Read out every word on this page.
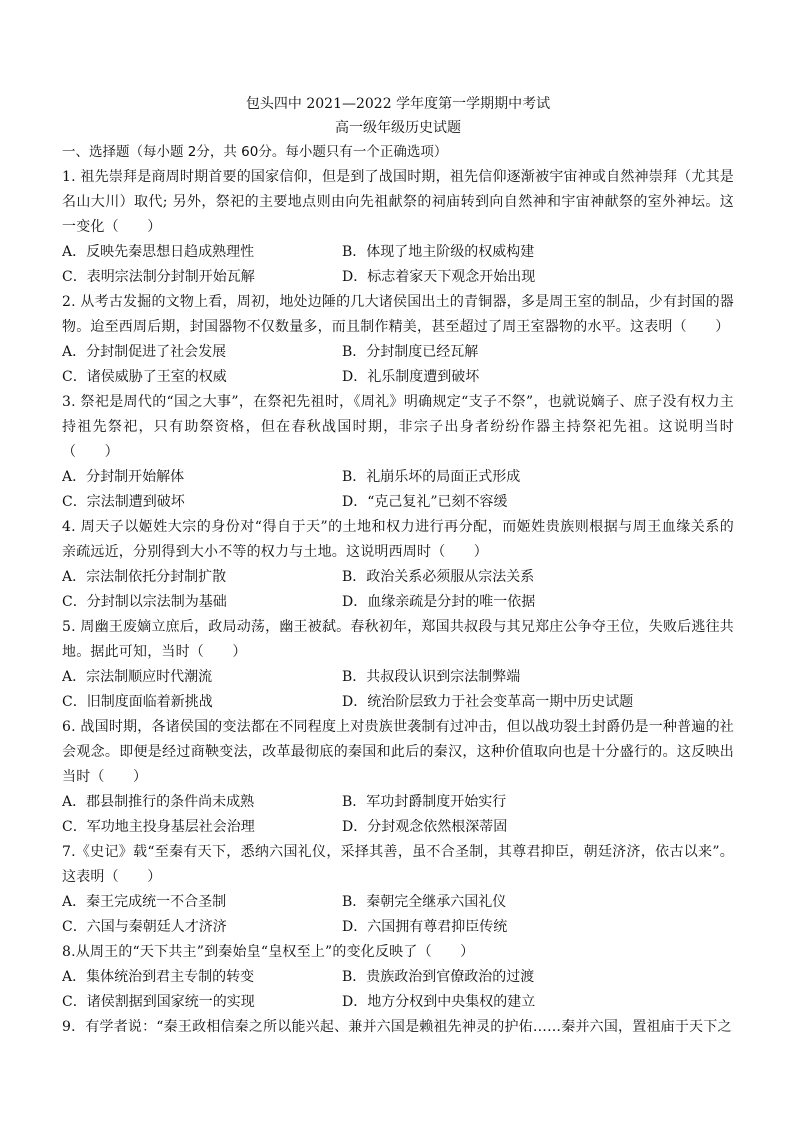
包头四中 2021—2022 学年度第一学期期中考试

高一级年级历史试题

一、选择题（每小题 2分，共 60分。每小题只有一个正确选项）

1. 祖先崇拜是商周时期首要的国家信仰，但是到了战国时期，祖先信仰逐渐被宇宙神或自然神崇拜（尤其是名山大川）取代; 另外，祭祀的主要地点则由向先祖献祭的祠庙转到向自然神和宇宙神献祭的室外神坛。这一变化（　　）

A．反映先秦思想日趋成熟理性	B．体现了地主阶级的权威构建
C．表明宗法制分封制开始瓦解	D．标志着家天下观念开始出现

2. 从考古发掘的文物上看，周初，地处边陲的几大诸侯国出土的青铜器，多是周王室的制品，少有封国的器物。迨至西周后期，封国器物不仅数量多，而且制作精美，甚至超过了周王室器物的水平。这表明（　　）

A．分封制促进了社会发展	B．分封制度已经瓦解
C．诸侯威胁了王室的权威	D．礼乐制度遭到破坏

3. 祭祀是周代的“国之大事”，在祭祀先祖时，《周礼》明确规定“支子不祭”，也就说嫡子、庶子没有权力主持祖先祭祀，只有助祭资格，但在春秋战国时期，非宗子出身者纷纷作器主持祭祀先祖。这说明当时（　　）

A．分封制开始解体	B．礼崩乐坏的局面正式形成
C．宗法制遭到破坏	D．“克己复礼”已刻不容缓

4. 周天子以姬姓大宗的身份对“得自于天”的土地和权力进行再分配，而姬姓贵族则根据与周王血缘关系的亲疏远近，分别得到大小不等的权力与土地。这说明西周时（　　）

A．宗法制依托分封制扩散	B．政治关系必须服从宗法关系
C．分封制以宗法制为基础	D．血缘亲疏是分封的唯一依据

5. 周幽王废嫡立庶后，政局动荡，幽王被弑。春秋初年，郑国共叔段与其兄郑庄公争夺王位，失败后逃往共地。据此可知，当时（　　）

A．宗法制顺应时代潮流	B．共叔段认识到宗法制弊端
C．旧制度面临着新挑战	D．统治阶层致力于社会变革高一期中历史试题

6. 战国时期，各诸侯国的变法都在不同程度上对贵族世袭制有过冲击，但以战功裂土封爵仍是一种普遍的社会观念。即便是经过商鞅变法，改革最彻底的秦国和此后的秦汉，这种价值取向也是十分盛行的。这反映出当时（　　）

A．郡县制推行的条件尚未成熟	B．军功封爵制度开始实行
C．军功地主投身基层社会治理	D．分封观念依然根深蒂固

7.《史记》载“至秦有天下，悉纳六国礼仪，采择其善，虽不合圣制，其尊君抑臣，朝廷济济，依古以来”。这表明（　　）

A．秦王完成统一不合圣制	B．秦朝完全继承六国礼仪
C．六国与秦朝廷人才济济	D．六国拥有尊君抑臣传统

8.从周王的“天下共主”到秦始皇“皇权至上”的变化反映了（　　）

A．集体统治到君主专制的转变	B．贵族政治到官僚政治的过渡
C．诸侯割据到国家统一的实现	D．地方分权到中央集权的建立

9．有学者说：“秦王政相信秦之所以能兴起、兼并六国是赖祖先神灵的护佑……秦并六国，置祖庙于天下之
